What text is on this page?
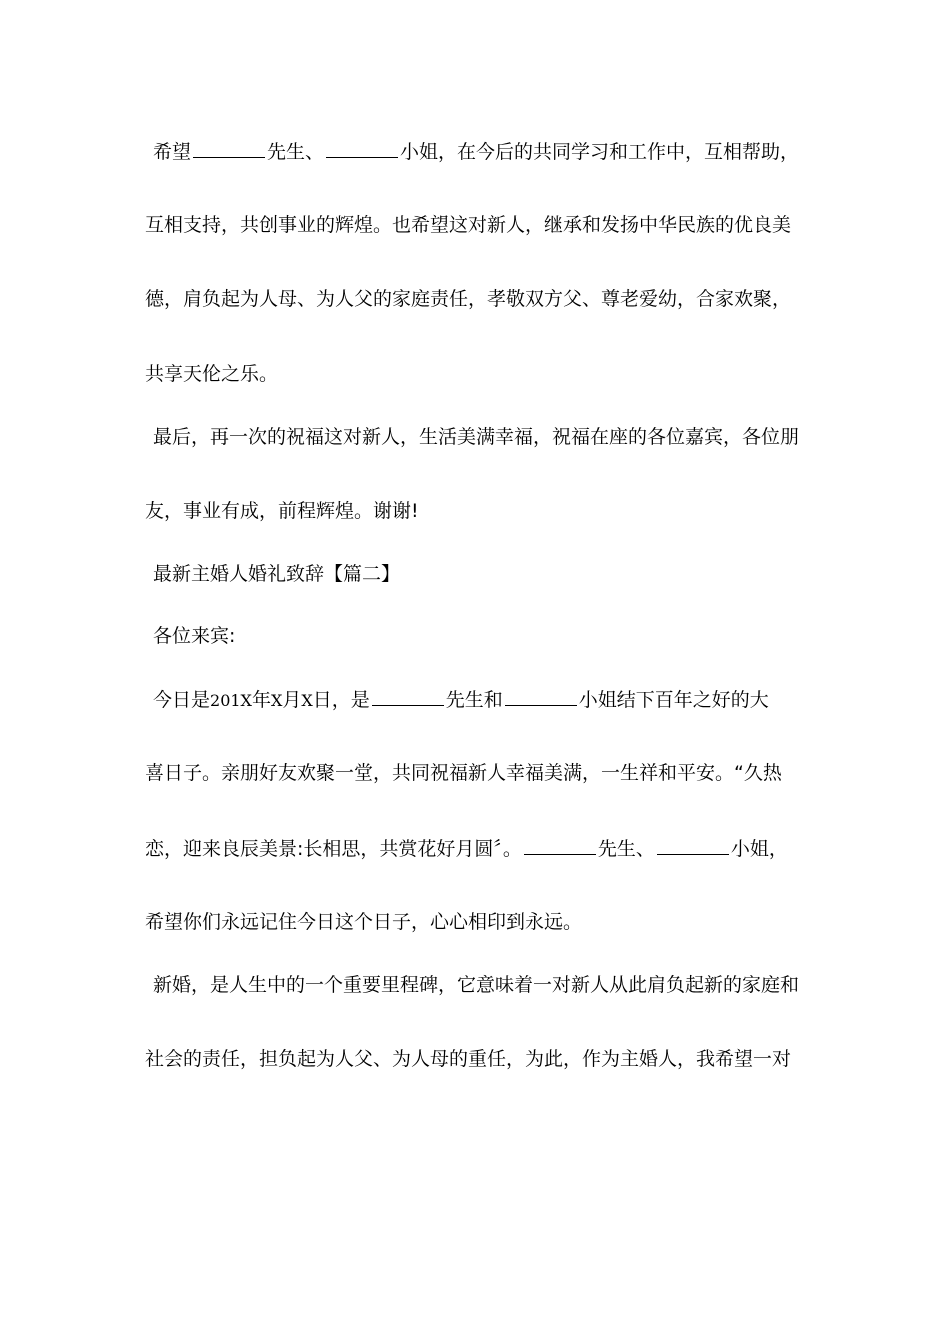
希望	先生、	小姐，在今后的共同学习和工作中，互相帮助，
互相支持，共创事业的辉煌。也希望这对新人，继承和发扬中华民族的优良美
德，肩负起为人母、为人父的家庭责任，孝敬双方父、尊老爱幼，合家欢聚，
共享天伦之乐。
最后，再一次的祝福这对新人，生活美满幸福，祝福在座的各位嘉宾，各位朋
友，事业有成，前程辉煌。谢谢!
最新主婚人婚礼致辞【篇二】
各位来宾:
今日是201X年X月X日，是	先生和	小姐结下百年之好的大
喜日子。亲朋好友欢聚一堂，共同祝福新人幸福美满，一生祥和平安。“久热
恋，迎来良辰美景:长相思，共赏花好月圆〞。	先生、	小姐，
希望你们永远记住今日这个日子，心心相印到永远。
新婚，是人生中的一个重要里程碑，它意味着一对新人从此肩负起新的家庭和
社会的责任，担负起为人父、为人母的重任，为此，作为主婚人，我希望一对
